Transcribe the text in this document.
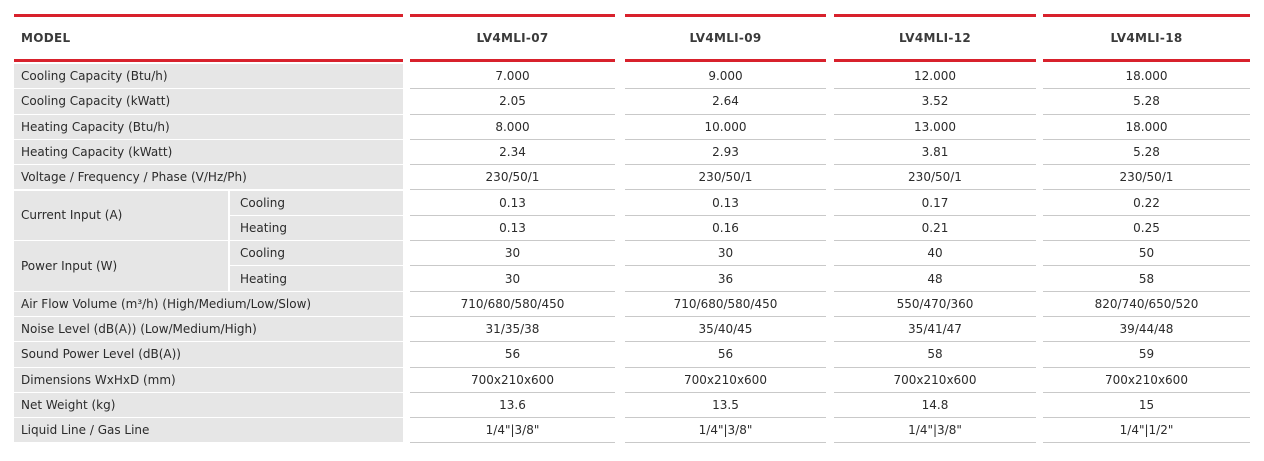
MODEL	LV4MLI-07	LV4MLI-09	LV4MLI-12	LV4MLI-18
Cooling Capacity (Btu/h)	7.000	9.000	12.000	18.000
Cooling Capacity (kWatt)	2.05	2.64	3.52	5.28
Heating Capacity (Btu/h)	8.000	10.000	13.000	18.000
Heating Capacity (kWatt)	2.34	2.93	3.81	5.28
Voltage / Frequency / Phase (V/Hz/Ph)	230/50/1	230/50/1	230/50/1	230/50/1
Current Input (A)
Cooling	0.13	0.13	0.17	0.22
Heating	0.13	0.16	0.21	0.25
Power Input (W)
Cooling	30	30	40	50
Heating	30	36	48	58
Air Flow Volume (m³/h) (High/Medium/Low/Slow)	710/680/580/450	710/680/580/450	550/470/360	820/740/650/520
Noise Level (dB(A)) (Low/Medium/High)	31/35/38	35/40/45	35/41/47	39/44/48
Sound Power Level (dB(A))	56	56	58	59
Dimensions WxHxD (mm)	700x210x600	700x210x600	700x210x600	700x210x600
Net Weight (kg)	13.6	13.5	14.8	15
Liquid Line / Gas Line	1/4"|3/8"	1/4"|3/8"	1/4"|3/8"	1/4"|1/2"
